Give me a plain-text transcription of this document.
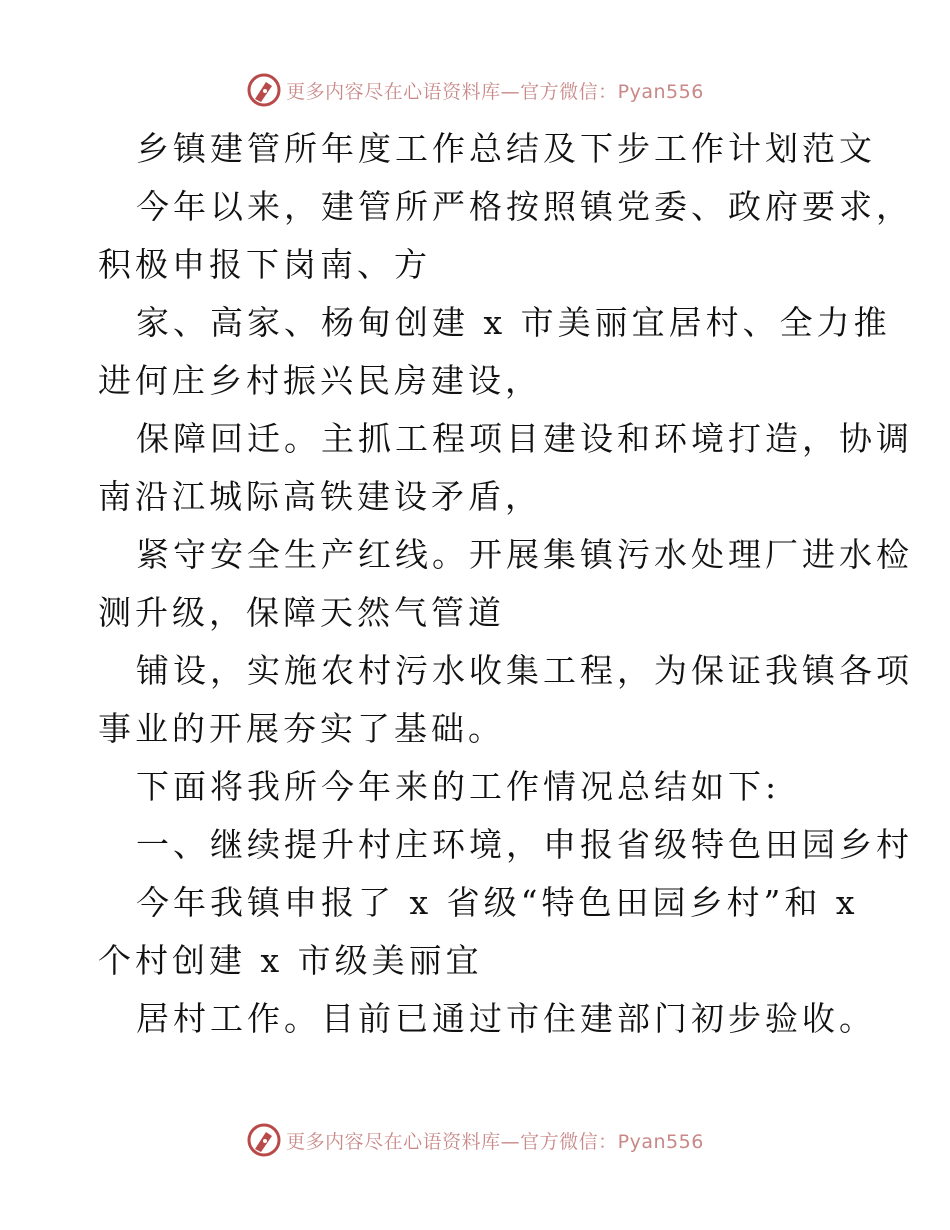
更多内容尽在心语资料库—官方微信：Pyan556
乡镇建管所年度工作总结及下步工作计划范文
今年以来，建管所严格按照镇党委、政府要求，
积极申报下岗南、方
家、高家、杨甸创建 x 市美丽宜居村、全力推
进何庄乡村振兴民房建设，
保障回迁。主抓工程项目建设和环境打造，协调
南沿江城际高铁建设矛盾，
紧守安全生产红线。开展集镇污水处理厂进水检
测升级，保障天然气管道
铺设，实施农村污水收集工程，为保证我镇各项
事业的开展夯实了基础。
下面将我所今年来的工作情况总结如下:
一、继续提升村庄环境，申报省级特色田园乡村
今年我镇申报了 x 省级“特色田园乡村”和 x
个村创建 x 市级美丽宜
居村工作。目前已通过市住建部门初步验收。
更多内容尽在心语资料库—官方微信：Pyan556
